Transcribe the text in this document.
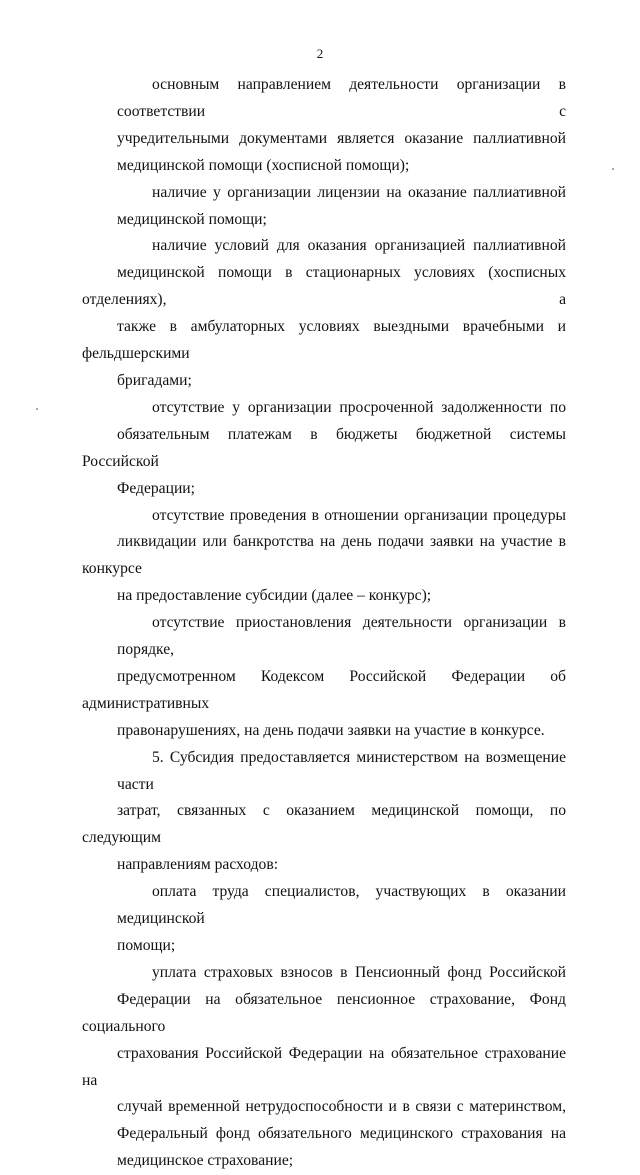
2

основным направлением деятельности организации в соответствии с
учредительными документами является оказание паллиативной
медицинской помощи (хосписной помощи);

наличие у организации лицензии на оказание паллиативной
медицинской помощи;

наличие условий для оказания организацией паллиативной
медицинской помощи в стационарных условиях (хосписных отделениях), а
также в амбулаторных условиях выездными врачебными и фельдшерскими
бригадами;

отсутствие у организации просроченной задолженности по
обязательным платежам в бюджеты бюджетной системы Российской
Федерации;

отсутствие проведения в отношении организации процедуры
ликвидации или банкротства на день подачи заявки на участие в конкурсе
на предоставление субсидии (далее – конкурс);

отсутствие приостановления деятельности организации в порядке,
предусмотренном Кодексом Российской Федерации об административных
правонарушениях, на день подачи заявки на участие в конкурсе.

5. Субсидия предоставляется министерством на возмещение части
затрат, связанных с оказанием медицинской помощи, по следующим
направлениям расходов:

оплата труда специалистов, участвующих в оказании медицинской
помощи;

уплата страховых взносов в Пенсионный фонд Российской
Федерации на обязательное пенсионное страхование, Фонд социального
страхования Российской Федерации на обязательное страхование на
случай временной нетрудоспособности и в связи с материнством,
Федеральный фонд обязательного медицинского страхования на
медицинское страхование;
